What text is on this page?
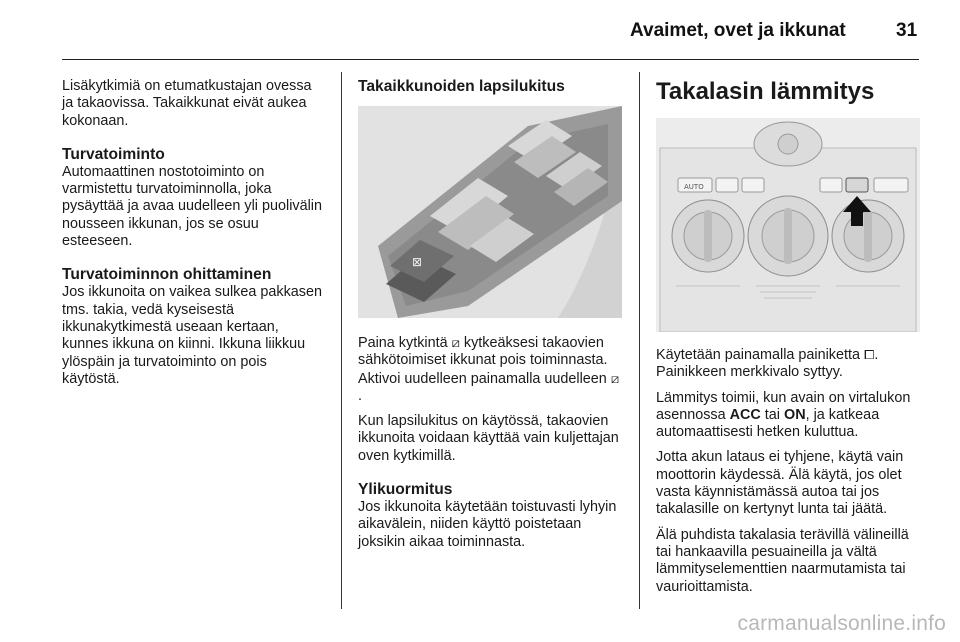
Avaimet, ovet ja ikkunat	31

Lisäkytkimiä on etumatkustajan ovessa ja takaovissa. Takaikkunat eivät aukea kokonaan.

Turvatoiminto

Automaattinen nostotoiminto on varmistettu turvatoiminnolla, joka pysäyttää ja avaa uudelleen yli puolivälin nousseen ikkunan, jos se osuu esteeseen.

Turvatoiminnon ohittaminen

Jos ikkunoita on vaikea sulkea pakkasen tms. takia, vedä kyseisestä ikkunakytkimestä useaan kertaan, kunnes ikkuna on kiinni. Ikkuna liikkuu ylöspäin ja turvatoiminto on pois käytöstä.

Takaikkunoiden lapsilukitus
⊠

Paina kytkintä ⧄ kytkeäksesi takaovien sähkötoimiset ikkunat pois toiminnasta. Aktivoi uudelleen painamalla uudelleen ⧄.

Kun lapsilukitus on käytössä, takaovien ikkunoita voidaan käyttää vain kuljettajan oven kytkimillä.

Ylikuormitus

Jos ikkunoita käytetään toistuvasti lyhyin aikavälein, niiden käyttö poistetaan joksikin aikaa toiminnasta.

Takalasin lämmitys
AUTO

Käytetään painamalla painiketta ⧠. Painikkeen merkkivalo syttyy.

Lämmitys toimii, kun avain on virtalukon asennossa ACC tai ON, ja katkeaa automaattisesti hetken kuluttua.

Jotta akun lataus ei tyhjene, käytä vain moottorin käydessä. Älä käytä, jos olet vasta käynnistämässä autoa tai jos takalasille on kertynyt lunta tai jäätä.

Älä puhdista takalasia terävillä välineillä tai hankaavilla pesuaineilla ja vältä lämmityselementtien naarmutamista tai vaurioittamista.

carmanualsonline.info
